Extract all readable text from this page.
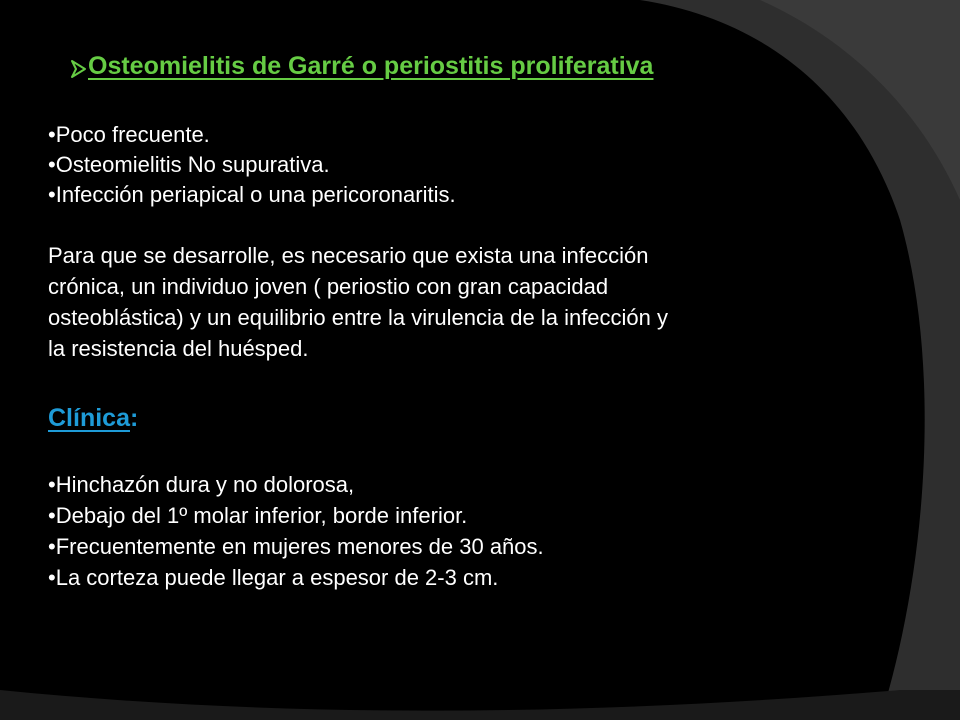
Osteomielitis de Garré o periostitis proliferativa
•Poco frecuente.
•Osteomielitis No supurativa.
•Infección periapical o una pericoronaritis.
Para que se desarrolle, es necesario que exista una infección
crónica, un individuo joven ( periostio con gran capacidad
osteoblástica) y un equilibrio entre la virulencia de la infección y
la resistencia del huésped.
Clínica:
•Hinchazón dura y no dolorosa,
•Debajo del 1º molar inferior, borde inferior.
•Frecuentemente en mujeres menores de 30 años.
•La corteza puede llegar a espesor de 2-3 cm.
